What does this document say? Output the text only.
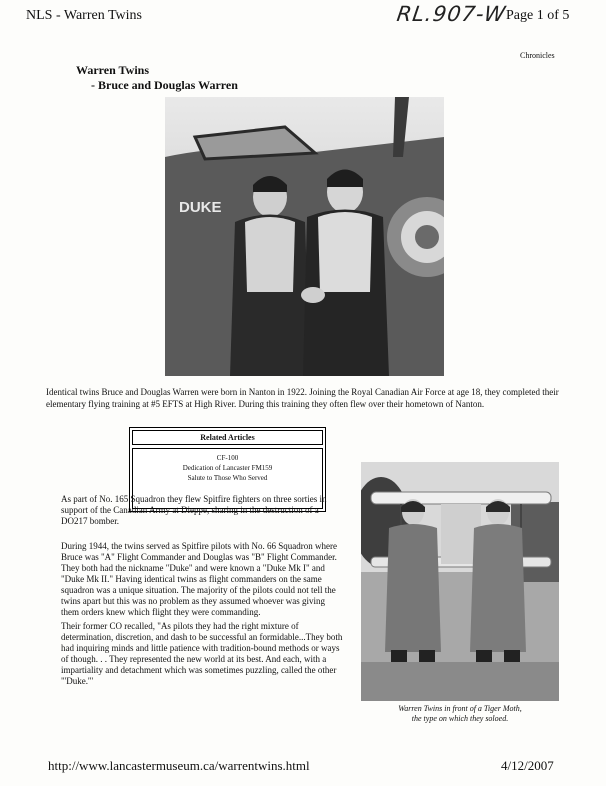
NLS - Warren Twins	RL.907-W
Page 1 of 5
Chronicles
Warren Twins
- Bruce and Douglas Warren
DUKE
Identical twins Bruce and Douglas Warren were born in Nanton in 1922. Joining the Royal Canadian Air Force at age 18, they completed their elementary flying training at #5 EFTS at High River. During this training they often flew over their hometown of Nanton.
Related Articles
CF-100
Dedication of Lancaster FM159
Salute to Those Who Served

As part of No. 165 Squadron they flew Spitfire fighters on three sorties in support of the Canadian Army at Dieppe, sharing in the destruction of a DO217 bomber.

During 1944, the twins served as Spitfire pilots with No. 66 Squadron where Bruce was "A" Flight Commander and Douglas was "B" Flight Commander. They both had the nickname "Duke" and were known a "Duke Mk I" and "Duke Mk II." Having identical twins as flight commanders on the same squadron was a unique situation. The majority of the pilots could not tell the twins apart but this was no problem as they assumed whoever was giving them orders knew which flight they were commanding.

Their former CO recalled, "As pilots they had the right mixture of determination, discretion, and dash to be successful an formidable...They both had inquiring minds and little patience with tradition-bound methods or ways of though. . . They represented the new world at its best. And each, with a impartiality and detachment which was sometimes puzzling, called the other "'Duke.'"

Warren Twins in front of a Tiger Moth,
the type on which they soloed.
http://www.lancastermuseum.ca/warrentwins.html	4/12/2007
